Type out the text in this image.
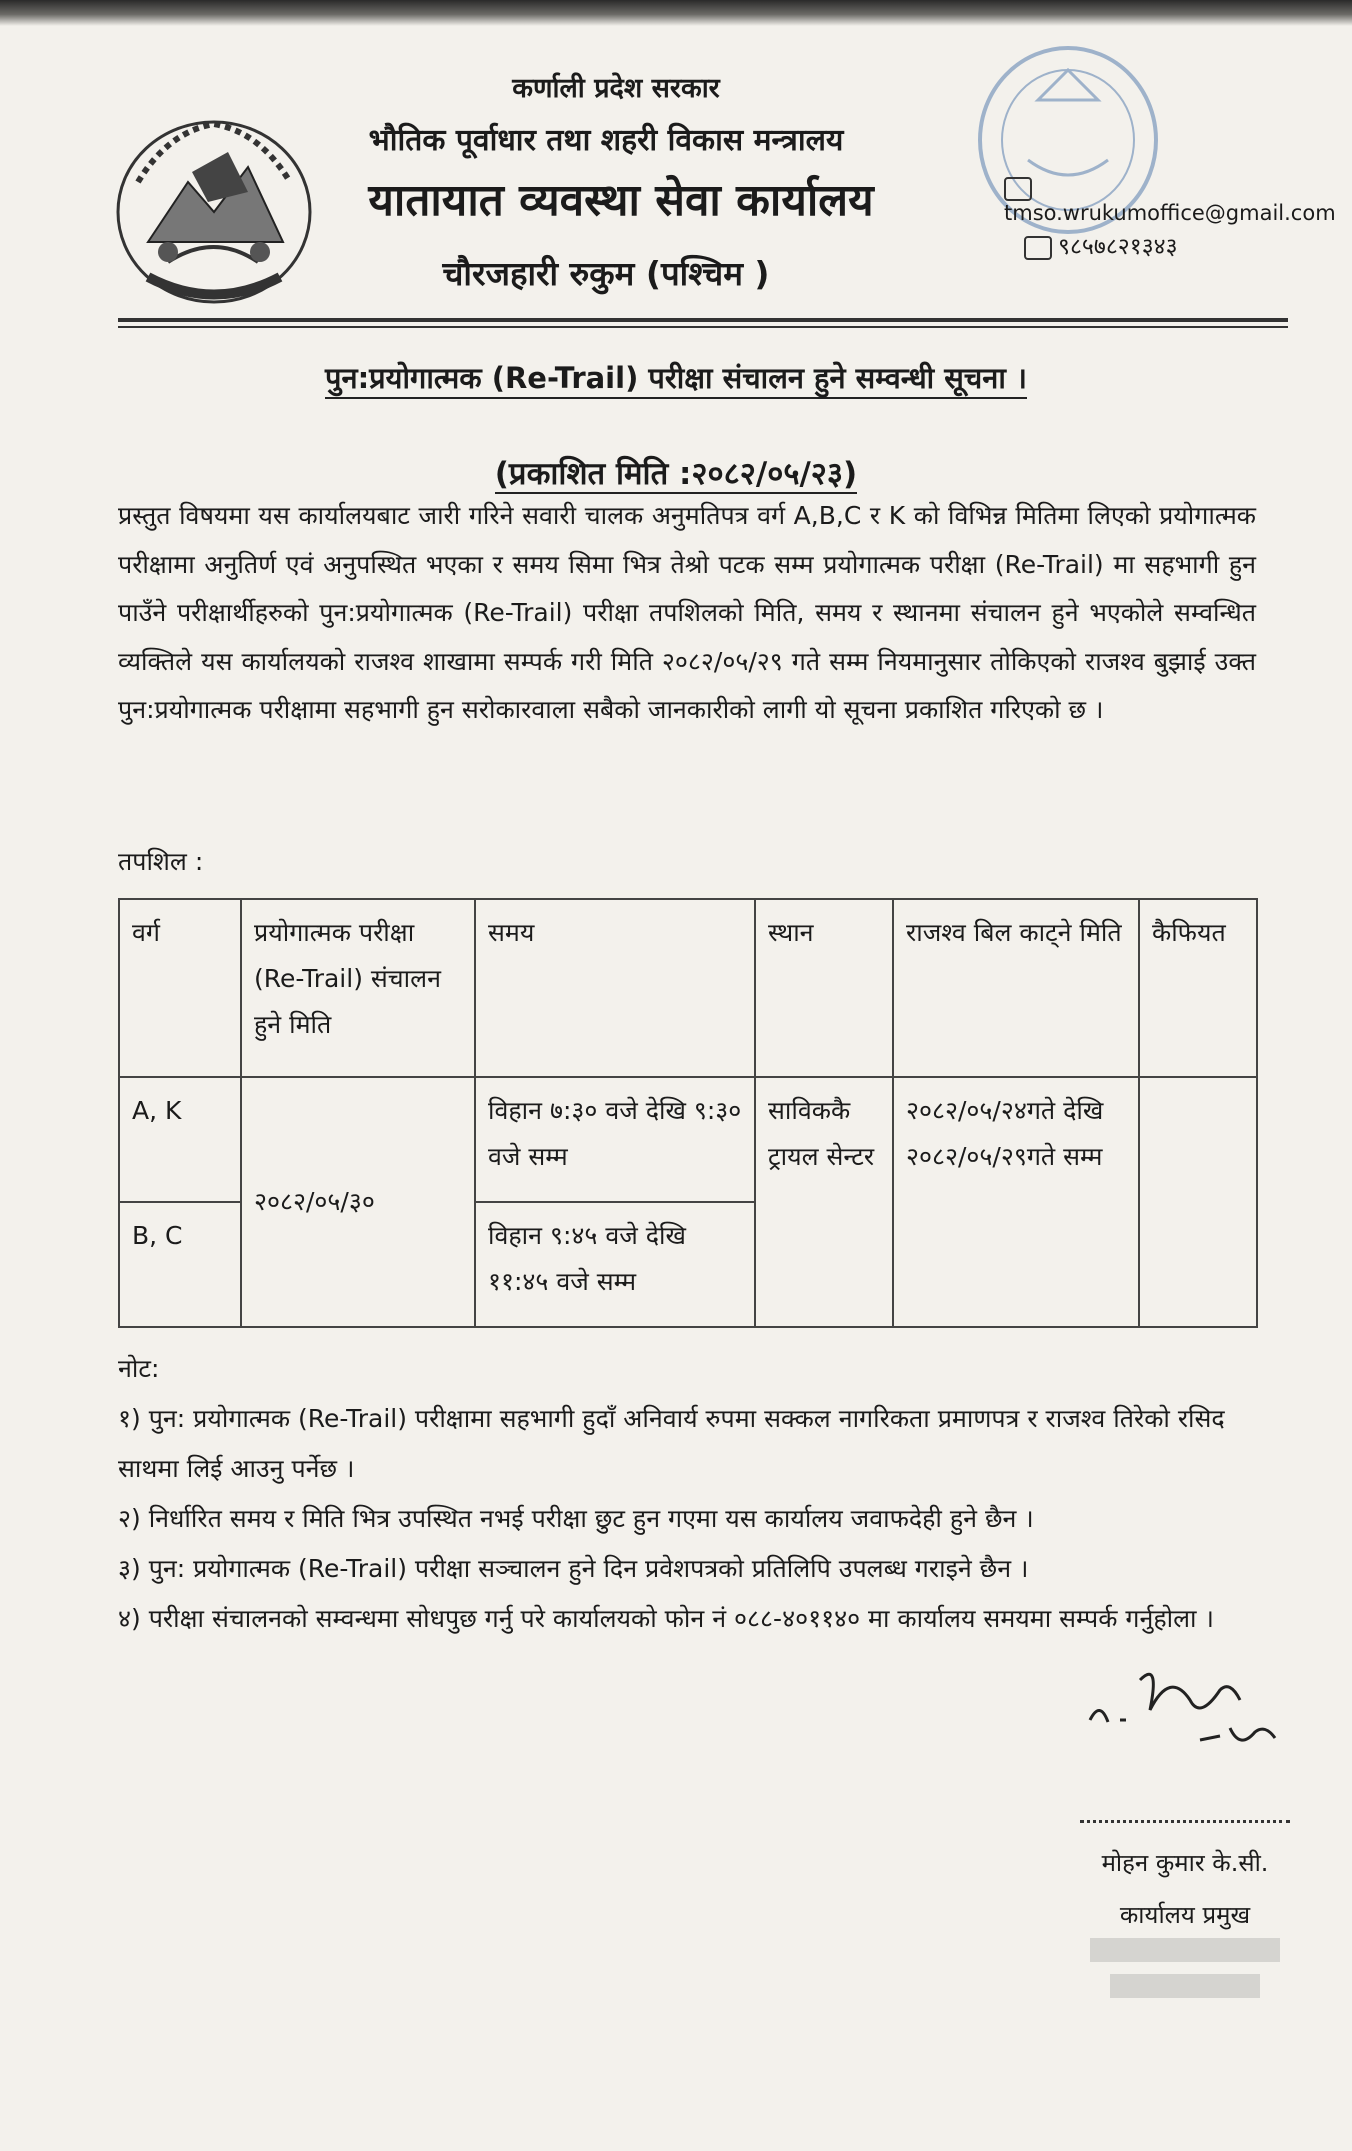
कर्णाली प्रदेश सरकार
भौतिक पूर्वाधार तथा शहरी विकास मन्त्रालय
यातायात व्यवस्था सेवा कार्यालय
चौरजहारी रुकुम (पश्चिम )
tmso.wrukumoffice@gmail.com
९८५७८२१३४३
पुन:प्रयोगात्मक (Re-Trail) परीक्षा संचालन हुने सम्वन्धी सूचना ।
(प्रकाशित मिति :२०८२/०५/२३)
प्रस्तुत विषयमा यस कार्यालयबाट जारी गरिने सवारी चालक अनुमतिपत्र वर्ग A,B,C र K को विभिन्न मितिमा लिएको प्रयोगात्मक परीक्षामा अनुतिर्ण एवं अनुपस्थित भएका र समय सिमा भित्र तेश्रो पटक सम्म प्रयोगात्मक परीक्षा (Re-Trail) मा सहभागी हुन पाउँने परीक्षार्थीहरुको पुन:प्रयोगात्मक (Re-Trail) परीक्षा तपशिलको मिति, समय र स्थानमा संचालन हुने भएकोले सम्वन्धित व्यक्तिले यस कार्यालयको राजश्व शाखामा सम्पर्क गरी मिति २०८२/०५/२९ गते सम्म नियमानुसार तोकिएको राजश्व बुझाई उक्त पुन:प्रयोगात्मक परीक्षामा सहभागी हुन सरोकारवाला सबैको जानकारीको लागी यो सूचना प्रकाशित गरिएको छ ।
तपशिल :
वर्ग	प्रयोगात्मक परीक्षा (Re-Trail) संचालन हुने मिति	समय	स्थान	राजश्व बिल काट्ने मिति	कैफियत
A, K	२०८२/०५/३०	विहान ७:३० वजे देखि ९:३० वजे सम्म	साविककै ट्रायल सेन्टर	२०८२/०५/२४गते देखि २०८२/०५/२९गते सम्म	
B, C		विहान ९:४५ वजे देखि ११:४५ वजे सम्म			

नोट:

१) पुन: प्रयोगात्मक (Re-Trail) परीक्षामा सहभागी हुदाँ अनिवार्य रुपमा सक्कल नागरिकता प्रमाणपत्र र राजश्व तिरेको रसिद साथमा लिई आउनु पर्नेछ ।

२) निर्धारित समय र मिति भित्र उपस्थित नभई परीक्षा छुट हुन गएमा यस कार्यालय जवाफदेही हुने छैन ।

३) पुन: प्रयोगात्मक (Re-Trail) परीक्षा सञ्चालन हुने दिन प्रवेशपत्रको प्रतिलिपि उपलब्ध गराइने छैन ।

४) परीक्षा संचालनको सम्वन्धमा सोधपुछ गर्नु परे कार्यालयको फोन नं ०८८-४०११४० मा कार्यालय समयमा सम्पर्क गर्नुहोला ।

मोहन कुमार के.सी.
कार्यालय प्रमुख
